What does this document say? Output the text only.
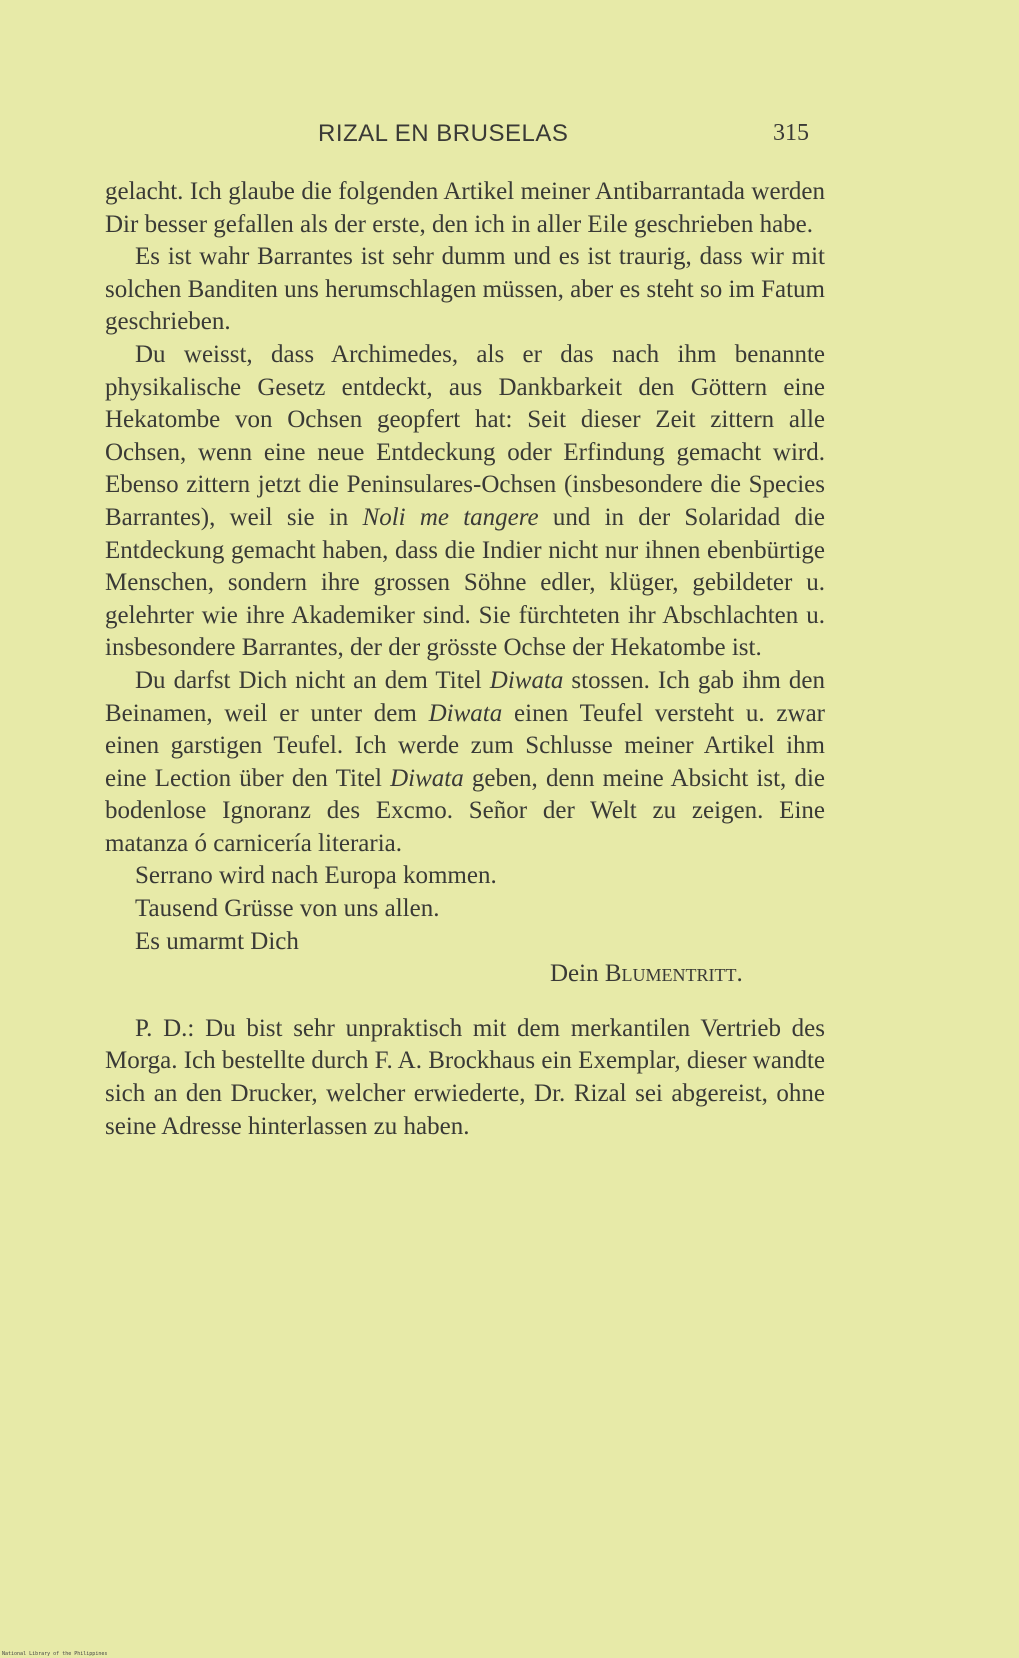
RIZAL EN BRUSELAS	315

gelacht. Ich glaube die folgenden Artikel meiner Antibarrantada werden Dir besser gefallen als der erste, den ich in aller Eile geschrieben habe.

Es ist wahr Barrantes ist sehr dumm und es ist traurig, dass wir mit solchen Banditen uns herumschlagen müssen, aber es steht so im Fatum geschrieben.

Du weisst, dass Archimedes, als er das nach ihm benannte physikalische Gesetz entdeckt, aus Dankbarkeit den Göttern eine Hekatombe von Ochsen geopfert hat: Seit dieser Zeit zittern alle Ochsen, wenn eine neue Entdeckung oder Erfindung gemacht wird. Ebenso zittern jetzt die Peninsulares-Ochsen (insbesondere die Species Barrantes), weil sie in Noli me tangere und in der Solaridad die Entdeckung gemacht haben, dass die Indier nicht nur ihnen ebenbürtige Menschen, sondern ihre grossen Söhne edler, klüger, gebildeter u. gelehrter wie ihre Akademiker sind. Sie fürchteten ihr Abschlachten u. insbesondere Barrantes, der der grösste Ochse der Hekatombe ist.

Du darfst Dich nicht an dem Titel Diwata stossen. Ich gab ihm den Beinamen, weil er unter dem Diwata einen Teufel versteht u. zwar einen garstigen Teufel. Ich werde zum Schlusse meiner Artikel ihm eine Lection über den Titel Diwata geben, denn meine Absicht ist, die bodenlose Ignoranz des Excmo. Señor der Welt zu zeigen. Eine matanza ó carnicería literaria.

Serrano wird nach Europa kommen.

Tausend Grüsse von uns allen.

Es umarmt Dich

Dein Blumentritt.

P. D.: Du bist sehr unpraktisch mit dem merkantilen Vertrieb des Morga. Ich bestellte durch F. A. Brockhaus ein Exemplar, dieser wandte sich an den Drucker, welcher erwiederte, Dr. Rizal sei abgereist, ohne seine Adresse hinterlassen zu haben.

National Library of the Philippines
